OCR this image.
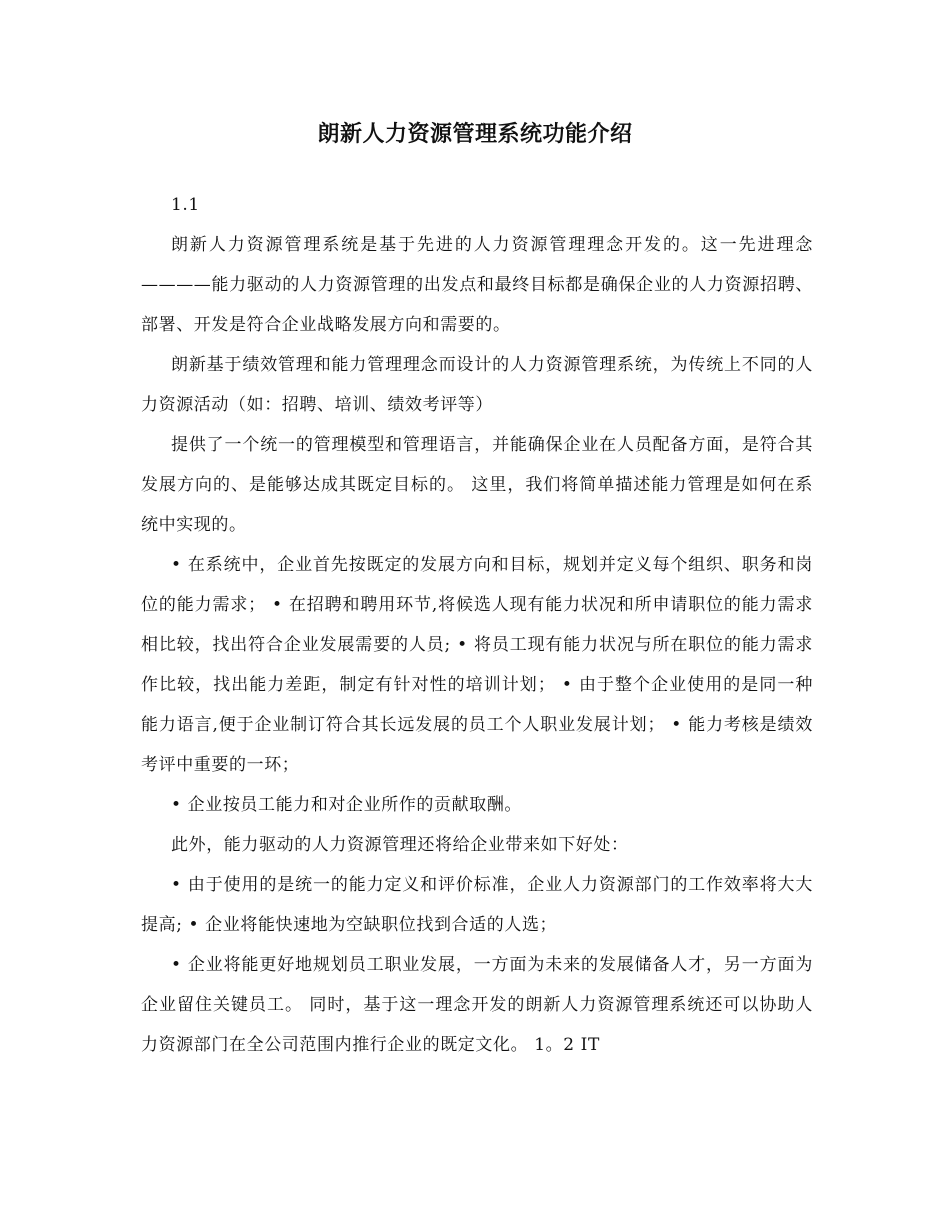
朗新人力资源管理系统功能介绍

1.1

朗新人力资源管理系统是基于先进的人力资源管理理念开发的。这一先进理念————能力驱动的人力资源管理的出发点和最终目标都是确保企业的人力资源招聘、部署、开发是符合企业战略发展方向和需要的。

朗新基于绩效管理和能力管理理念而设计的人力资源管理系统，为传统上不同的人力资源活动（如：招聘、培训、绩效考评等）

提供了一个统一的管理模型和管理语言，并能确保企业在人员配备方面，是符合其发展方向的、是能够达成其既定目标的。 这里，我们将简单描述能力管理是如何在系统中实现的。

• 在系统中，企业首先按既定的发展方向和目标，规划并定义每个组织、职务和岗位的能力需求； • 在招聘和聘用环节,将候选人现有能力状况和所申请职位的能力需求相比较，找出符合企业发展需要的人员; • 将员工现有能力状况与所在职位的能力需求作比较，找出能力差距，制定有针对性的培训计划； • 由于整个企业使用的是同一种能力语言,便于企业制订符合其长远发展的员工个人职业发展计划； • 能力考核是绩效考评中重要的一环；

• 企业按员工能力和对企业所作的贡献取酬。

此外，能力驱动的人力资源管理还将给企业带来如下好处：

• 由于使用的是统一的能力定义和评价标准，企业人力资源部门的工作效率将大大提高; • 企业将能快速地为空缺职位找到合适的人选；

• 企业将能更好地规划员工职业发展，一方面为未来的发展储备人才，另一方面为企业留住关键员工。 同时，基于这一理念开发的朗新人力资源管理系统还可以协助人力资源部门在全公司范围内推行企业的既定文化。 1。2 IT
